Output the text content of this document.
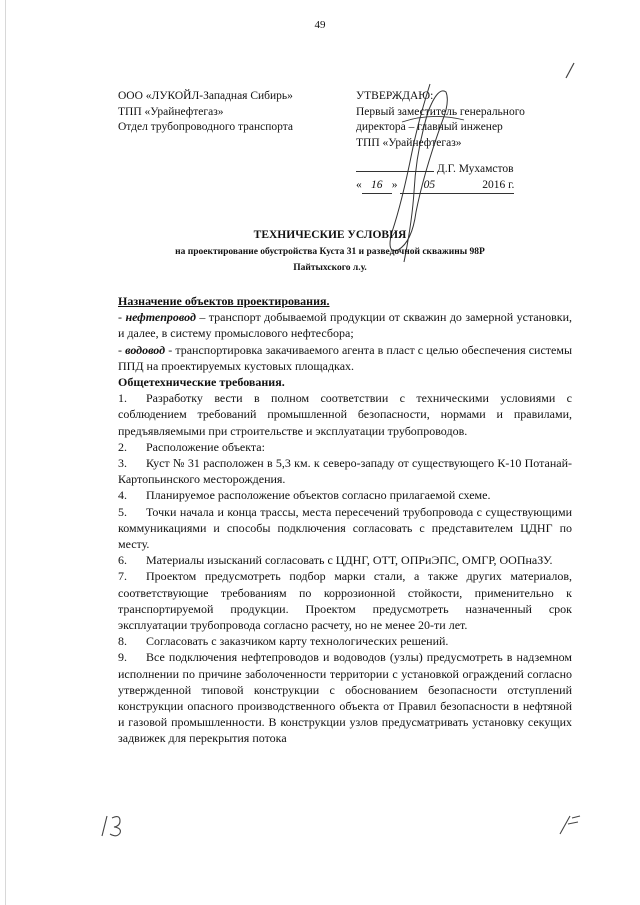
49
ООО «ЛУКОЙЛ-Западная Сибирь»
ТПП «Урайнефтегаз»
Отдел трубопроводного транспорта
УТВЕРЖДАЮ:
Первый заместитель генерального
директора – главный инженер
ТПП «Урайнефтегаз»
Д.Г. Мухамстов
« 16 » 05	2016 г.
ТЕХНИЧЕСКИЕ УСЛОВИЯ
на проектирование обустройства Куста 31 и разведочной скважины 98Р
Пайтыхского л.у.

Назначение объектов проектирования.

- нефтепровод – транспорт добываемой продукции от скважин до замерной установки, и далее, в систему промыслового нефтесбора;

- водовод - транспортировка закачиваемого агента в пласт с целью обеспечения системы ППД на проектируемых кустовых площадках.

Общетехнические требования.

1. Разработку вести в полном соответствии с техническими условиями с соблюдением требований промышленной безопасности, нормами и правилами, предъявляемыми при строительстве и эксплуатации трубопроводов.

2. Расположение объекта:

3. Куст № 31 расположен в 5,3 км. к северо-западу от существующего К-10 Потанай-Картопьинского месторождения.

4. Планируемое расположение объектов согласно прилагаемой схеме.

5. Точки начала и конца трассы, места пересечений трубопровода с существующими коммуникациями и способы подключения согласовать с представителем ЦДНГ по месту.

6. Материалы изысканий согласовать с ЦДНГ, ОТТ, ОПРиЭПС, ОМГР, ООПнаЗУ.

7. Проектом предусмотреть подбор марки стали, а также других материалов, соответствующие требованиям по коррозионной стойкости, применительно к транспортируемой продукции. Проектом предусмотреть назначенный срок эксплуатации трубопровода согласно расчету, но не менее 20-ти лет.

8. Согласовать с заказчиком карту технологических решений.

9. Все подключения нефтепроводов и водоводов (узлы) предусмотреть в надземном исполнении по причине заболоченности территории с установкой ограждений согласно утвержденной типовой конструкции с обоснованием безопасности отступлений конструкции опасного производственного объекта от Правил безопасности в нефтяной и газовой промышленности. В конструкции узлов предусматривать установку секущих задвижек для перекрытия потока
